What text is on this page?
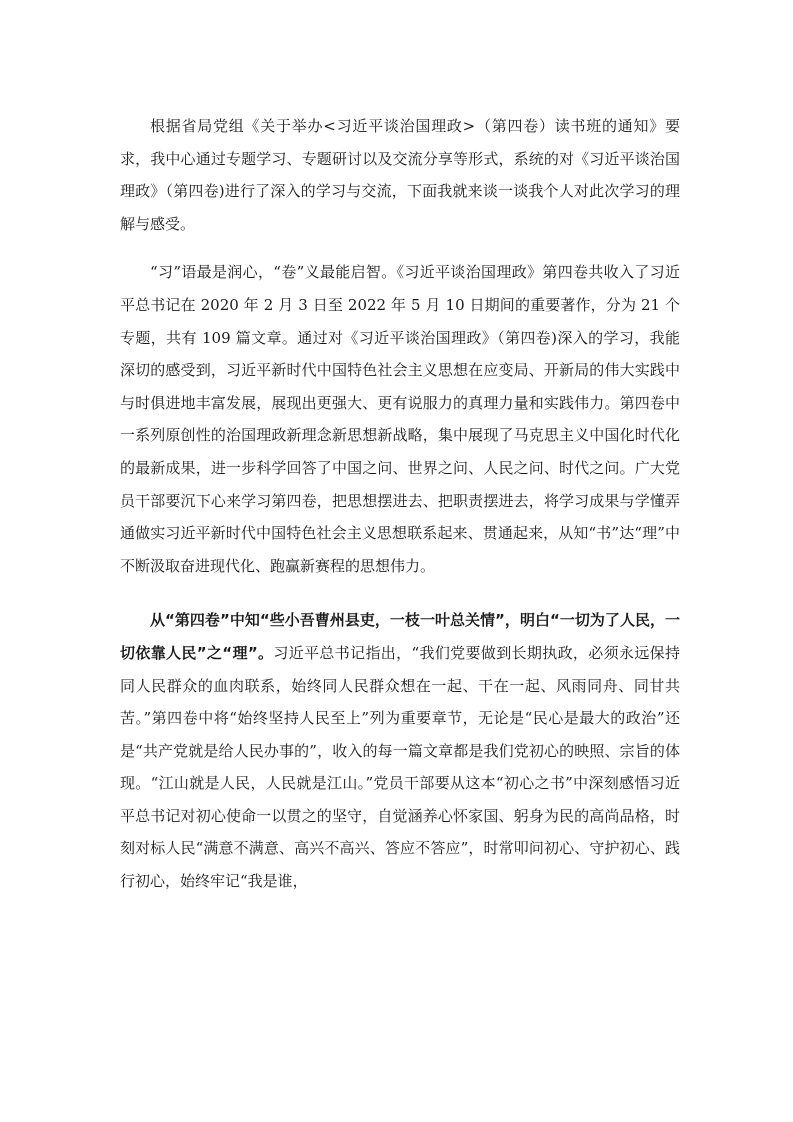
根据省局党组《关于举办<习近平谈治国理政>（第四卷）读书班的通知》要求，我中心通过专题学习、专题研讨以及交流分享等形式，系统的对《习近平谈治国理政》（第四卷)进行了深入的学习与交流，下面我就来谈一谈我个人对此次学习的理解与感受。

“习”语最是润心，“卷”义最能启智。《习近平谈治国理政》第四卷共收入了习近平总书记在 2020 年 2 月 3 日至 2022 年 5 月 10 日期间的重要著作，分为 21 个专题，共有 109 篇文章。通过对《习近平谈治国理政》（第四卷)深入的学习，我能深切的感受到，习近平新时代中国特色社会主义思想在应变局、开新局的伟大实践中与时俱进地丰富发展，展现出更强大、更有说服力的真理力量和实践伟力。第四卷中一系列原创性的治国理政新理念新思想新战略，集中展现了马克思主义中国化时代化的最新成果，进一步科学回答了中国之问、世界之问、人民之问、时代之问。广大党员干部要沉下心来学习第四卷，把思想摆进去、把职责摆进去，将学习成果与学懂弄通做实习近平新时代中国特色社会主义思想联系起来、贯通起来，从知“书”达“理”中不断汲取奋进现代化、跑赢新赛程的思想伟力。

从“第四卷”中知“些小吾曹州县吏，一枝一叶总关情”，明白“一切为了人民，一切依靠人民”之“理”。习近平总书记指出，“我们党要做到长期执政，必须永远保持同人民群众的血肉联系，始终同人民群众想在一起、干在一起、风雨同舟、同甘共苦。”第四卷中将“始终坚持人民至上”列为重要章节，无论是“民心是最大的政治”还是“共产党就是给人民办事的”，收入的每一篇文章都是我们党初心的映照、宗旨的体现。“江山就是人民，人民就是江山。”党员干部要从这本“初心之书”中深刻感悟习近平总书记对初心使命一以贯之的坚守，自觉涵养心怀家国、躬身为民的高尚品格，时刻对标人民“满意不满意、高兴不高兴、答应不答应”，时常叩问初心、守护初心、践行初心，始终牢记“我是谁，
